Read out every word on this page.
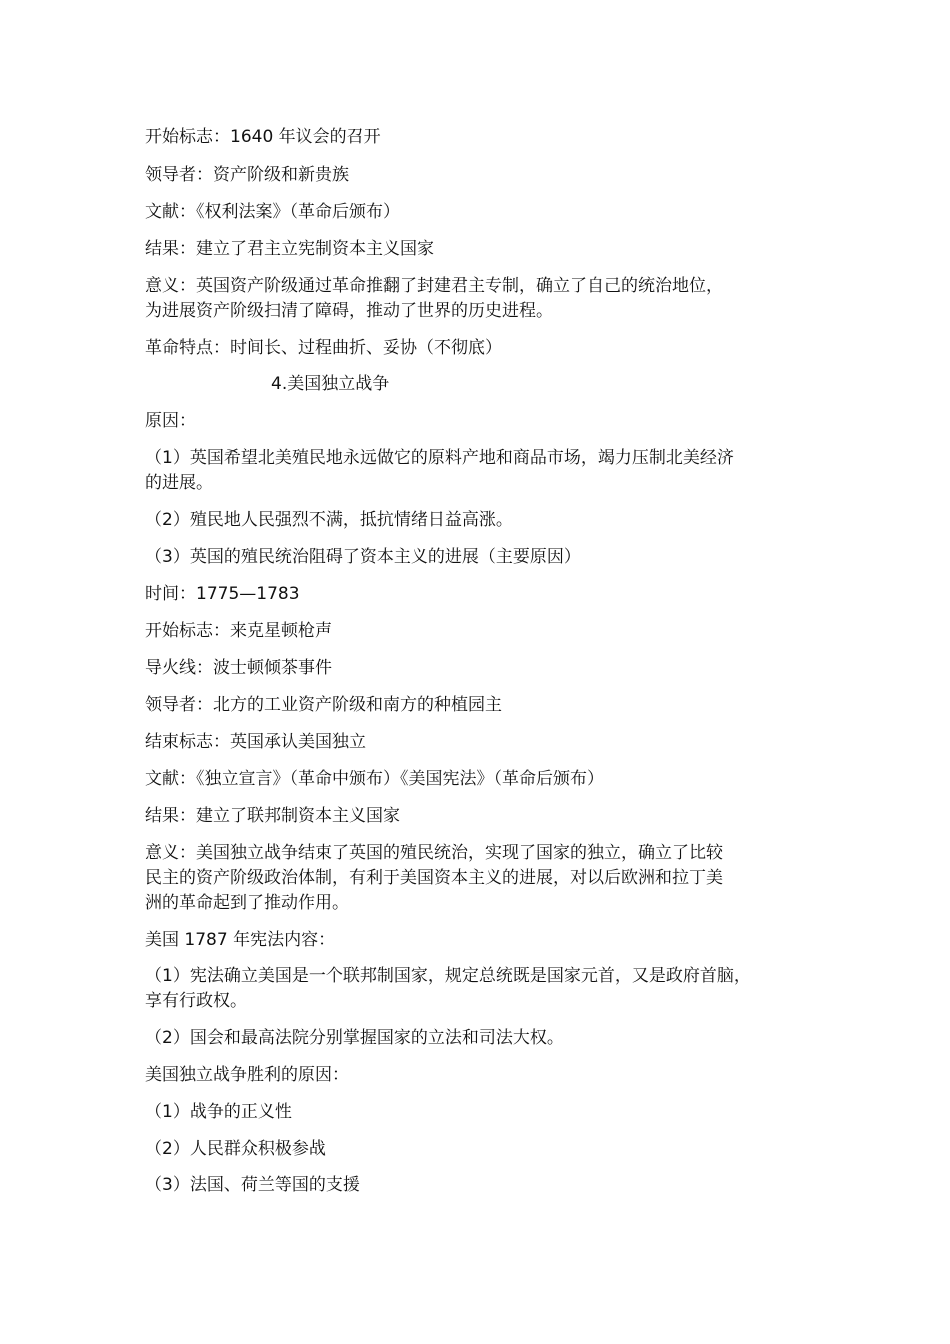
开始标志：1640 年议会的召开
领导者：资产阶级和新贵族
文献：《权利法案》（革命后颁布）
结果：建立了君主立宪制资本主义国家
意义：英国资产阶级通过革命推翻了封建君主专制，确立了自己的统治地位，
为进展资产阶级扫清了障碍，推动了世界的历史进程。
革命特点：时间长、过程曲折、妥协（不彻底）
4.美国独立战争
原因：
（1）英国希望北美殖民地永远做它的原料产地和商品市场，竭力压制北美经济
的进展。
（2）殖民地人民强烈不满，抵抗情绪日益高涨。
（3）英国的殖民统治阻碍了资本主义的进展（主要原因）
时间：1775—1783
开始标志：来克星顿枪声
导火线：波士顿倾茶事件
领导者：北方的工业资产阶级和南方的种植园主
结束标志：英国承认美国独立
文献：《独立宣言》（革命中颁布）《美国宪法》（革命后颁布）
结果：建立了联邦制资本主义国家
意义：美国独立战争结束了英国的殖民统治，实现了国家的独立，确立了比较
民主的资产阶级政治体制，有利于美国资本主义的进展，对以后欧洲和拉丁美
洲的革命起到了推动作用。
美国 1787 年宪法内容：
（1）宪法确立美国是一个联邦制国家，规定总统既是国家元首，又是政府首脑，
享有行政权。
（2）国会和最高法院分别掌握国家的立法和司法大权。
美国独立战争胜利的原因：
（1）战争的正义性
（2）人民群众积极参战
（3）法国、荷兰等国的支援
